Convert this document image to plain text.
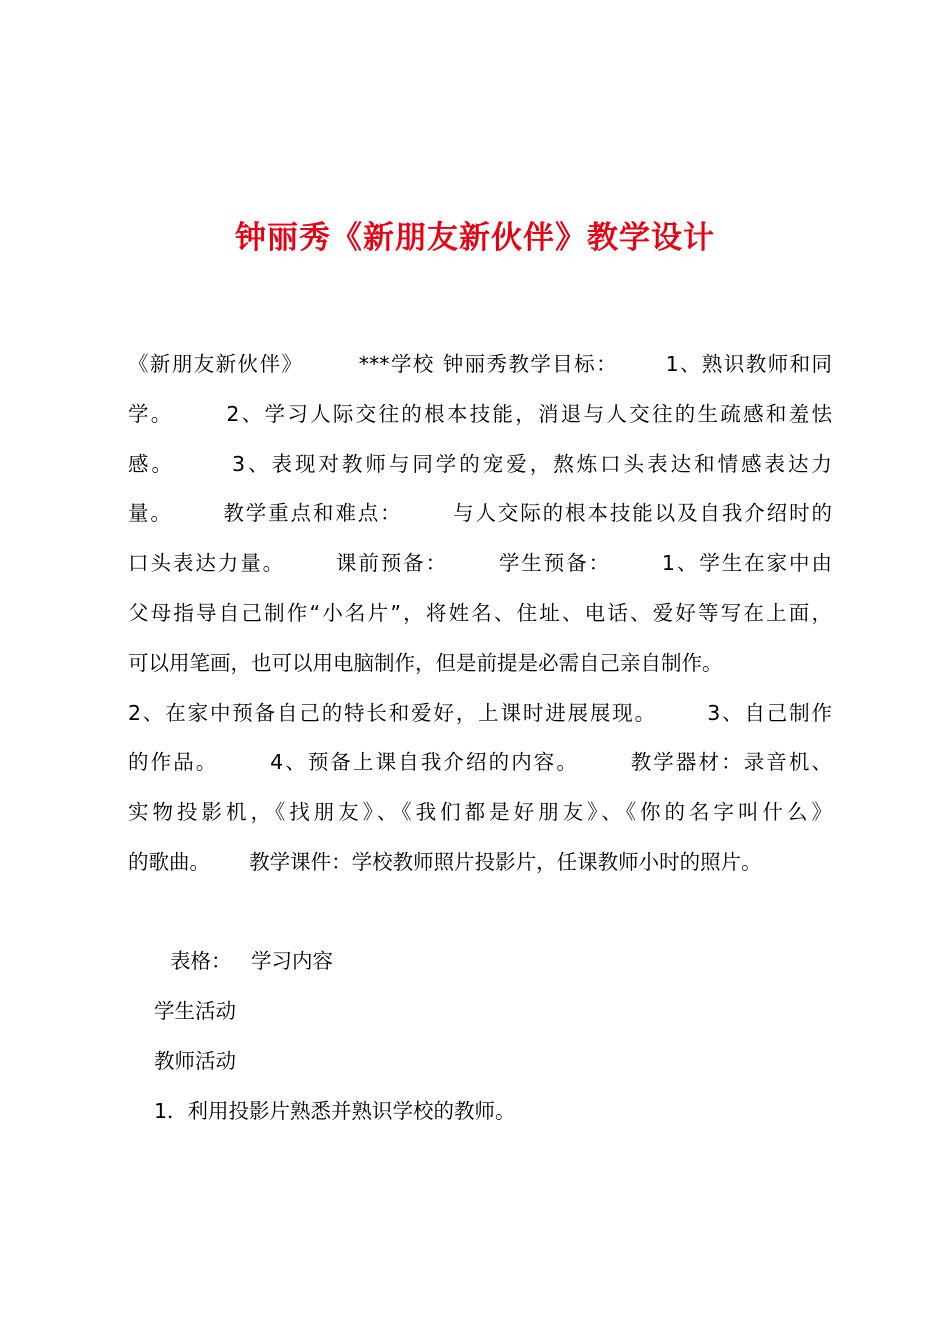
钟丽秀《新朋友新伙伴》教学设计
《新朋友新伙伴》       ***学校 钟丽秀教学目标：      1、熟识教师和同
学。      2、学习人际交往的根本技能，消退与人交往的生疏感和羞怯
感。      3、表现对教师与同学的宠爱，熬炼口头表达和情感表达力
量。      教学重点和难点：      与人交际的根本技能以及自我介绍时的
口头表达力量。      课前预备：      学生预备：      1、学生在家中由
父母指导自己制作“小名片”，将姓名、住址、电话、爱好等写在上面，
可以用笔画，也可以用电脑制作，但是前提是必需自己亲自制作。
2、在家中预备自己的特长和爱好，上课时进展展现。      3、自己制作
的作品。      4、预备上课自我介绍的内容。      教学器材：录音机、
实物投影机，《找朋友》、《我们都是好朋友》、《你的名字叫什么》
的歌曲。      教学课件：学校教师照片投影片，任课教师小时的照片。
表格：   学习内容
学生活动
教师活动
1．利用投影片熟悉并熟识学校的教师。
